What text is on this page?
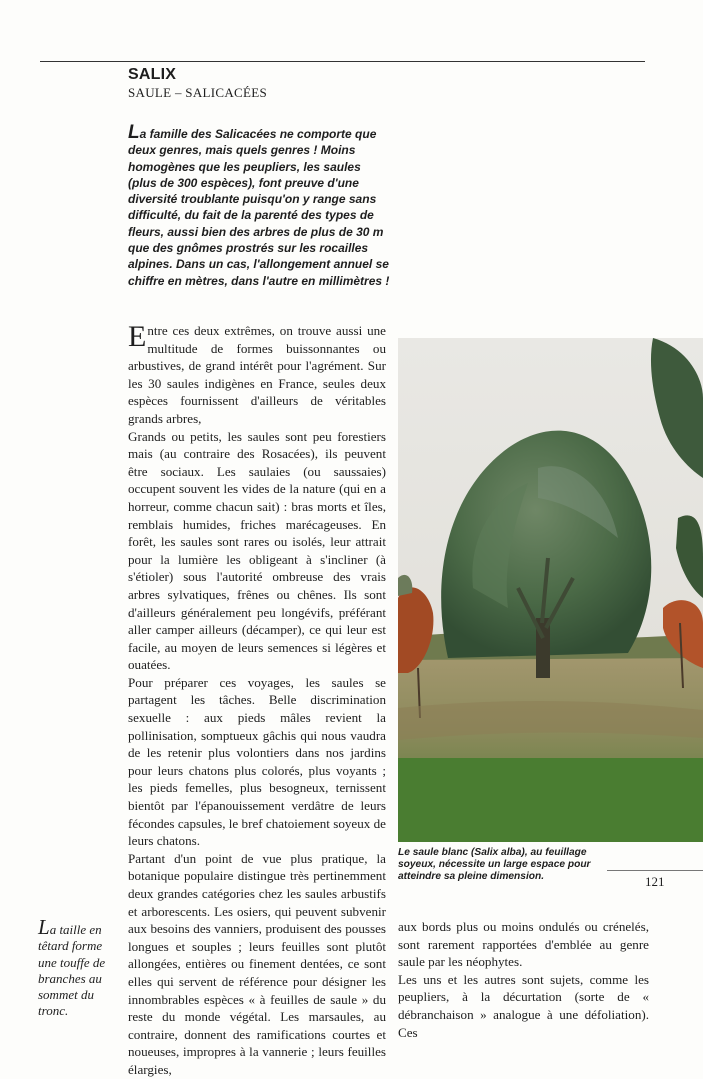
SALIX
SAULE – SALICACÉES
La famille des Salicacées ne comporte que deux genres, mais quels genres ! Moins homogènes que les peupliers, les saules (plus de 300 espèces), font preuve d'une diversité troublante puisqu'on y range sans difficulté, du fait de la parenté des types de fleurs, aussi bien des arbres de plus de 30 m que des gnômes prostrés sur les rocailles alpines. Dans un cas, l'allongement annuel se chiffre en mètres, dans l'autre en millimètres !

Entre ces deux extrêmes, on trouve aussi une multitude de formes buissonnantes ou arbustives, de grand intérêt pour l'agrément. Sur les 30 saules indigènes en France, seules deux espèces fournissent d'ailleurs de véritables grands arbres,

Grands ou petits, les saules sont peu forestiers mais (au contraire des Rosacées), ils peuvent être sociaux. Les saulaies (ou saussaies) occupent souvent les vides de la nature (qui en a horreur, comme chacun sait) : bras morts et îles, remblais humides, friches marécageuses. En forêt, les saules sont rares ou isolés, leur attrait pour la lumière les obligeant à s'incliner (à s'étioler) sous l'autorité ombreuse des vrais arbres sylvatiques, frênes ou chênes. Ils sont d'ailleurs généralement peu longévifs, préférant aller camper ailleurs (décamper), ce qui leur est facile, au moyen de leurs semences si légères et ouatées.

Pour préparer ces voyages, les saules se partagent les tâches. Belle discrimination sexuelle : aux pieds mâles revient la pollinisation, somptueux gâchis qui nous vaudra de les retenir plus volontiers dans nos jardins pour leurs chatons plus colorés, plus voyants ; les pieds femelles, plus besogneux, ternissent bientôt par l'épanouissement verdâtre de leurs fécondes capsules, le bref chatoiement soyeux de leurs chatons.

Partant d'un point de vue plus pratique, la botanique populaire distingue très pertinemment deux grandes catégories chez les saules arbustifs et arborescents. Les osiers, qui peuvent subvenir aux besoins des vanniers, produisent des pousses longues et souples ; leurs feuilles sont plutôt allongées, entières ou finement dentées, ce sont elles qui servent de référence pour désigner les innombrables espèces « à feuilles de saule » du reste du monde végétal. Les marsaules, au contraire, donnent des ramifications courtes et noueuses, impropres à la vannerie ; leurs feuilles élargies,

La taille en têtard forme une touffe de branches au sommet du tronc.
Le saule blanc (Salix alba), au feuillage soyeux, nécessite un large espace pour atteindre sa pleine dimension.	121

aux bords plus ou moins ondulés ou crénelés, sont rarement rapportées d'emblée au genre saule par les néophytes.

Les uns et les autres sont sujets, comme les peupliers, à la décurtation (sorte de « débranchaison » analogue à une défoliation). Ces
